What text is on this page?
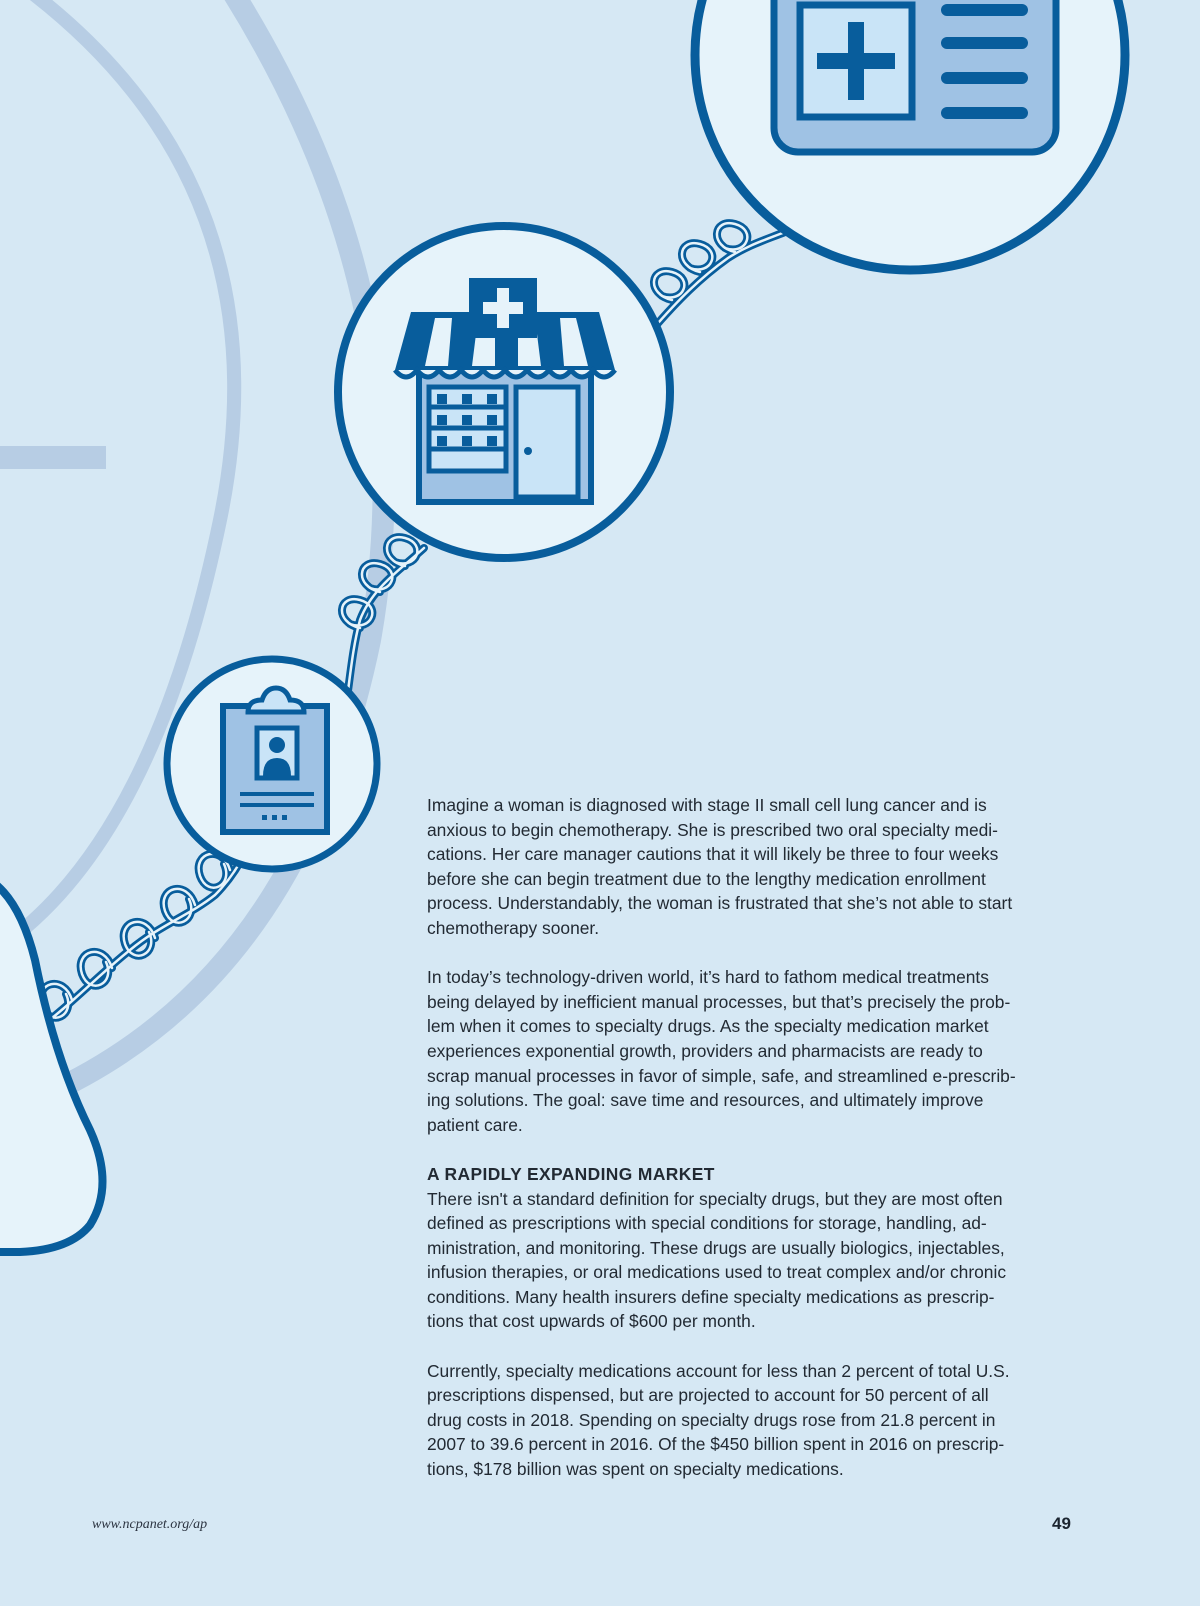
Imagine a woman is diagnosed with stage II small cell lung cancer and is
anxious to begin chemotherapy. She is prescribed two oral specialty medi-
cations. Her care manager cautions that it will likely be three to four weeks
before she can begin treatment due to the lengthy medication enrollment
process. Understandably, the woman is frustrated that she’s not able to start
chemotherapy sooner.

In today’s technology-driven world, it’s hard to fathom medical treatments
being delayed by inefficient manual processes, but that’s precisely the prob-
lem when it comes to specialty drugs. As the specialty medication market
experiences exponential growth, providers and pharmacists are ready to
scrap manual processes in favor of simple, safe, and streamlined e-prescrib-
ing solutions. The goal: save time and resources, and ultimately improve
patient care.

A RAPIDLY EXPANDING MARKET

There isn't a standard definition for specialty drugs, but they are most often
defined as prescriptions with special conditions for storage, handling, ad-
ministration, and monitoring. These drugs are usually biologics, injectables,
infusion therapies, or oral medications used to treat complex and/or chronic
conditions. Many health insurers define specialty medications as prescrip-
tions that cost upwards of $600 per month.

Currently, specialty medications account for less than 2 percent of total U.S.
prescriptions dispensed, but are projected to account for 50 percent of all
drug costs in 2018. Spending on specialty drugs rose from 21.8 percent in
2007 to 39.6 percent in 2016. Of the $450 billion spent in 2016 on prescrip-
tions, $178 billion was spent on specialty medications.

www.ncpanet.org/ap	49
